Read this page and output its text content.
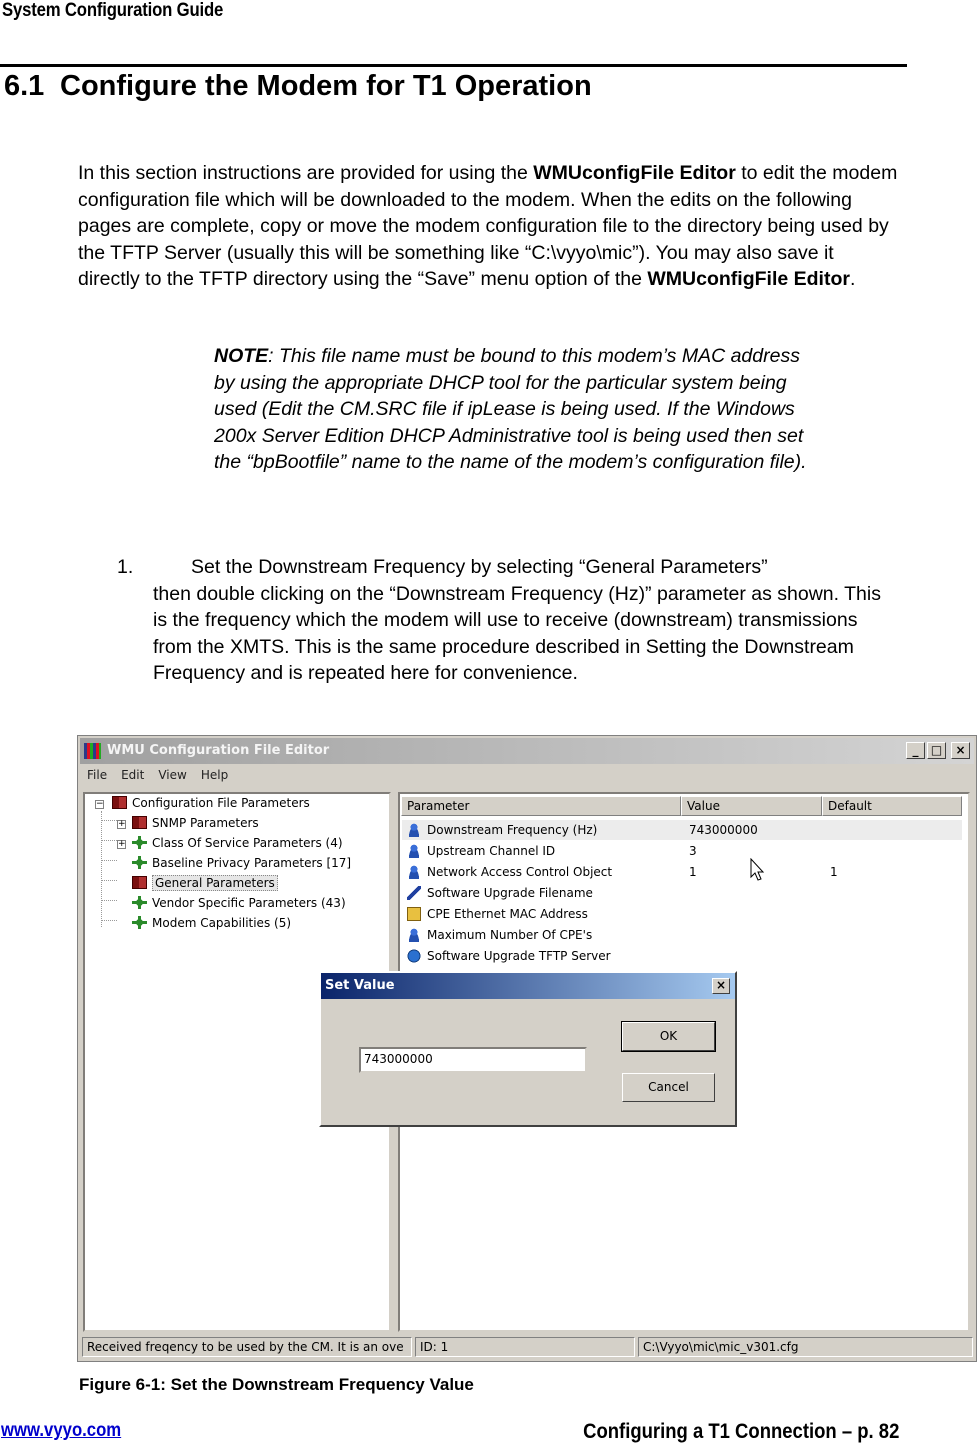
System Configuration Guide
6.1 Configure the Modem for T1 Operation
In this section instructions are provided for using the WMUconfigFile Editor to edit the modem configuration file which will be downloaded to the modem. When the edits on the following pages are complete, copy or move the modem configuration file to the directory being used by the TFTP Server (usually this will be something like “C:\vyyo\mic”). You may also save it directly to the TFTP directory using the “Save” menu option of the WMUconfigFile Editor.
NOTE: This file name must be bound to this modem’s MAC address by using the appropriate DHCP tool for the particular system being used (Edit the CM.SRC file if ipLease is being used. If the Windows 200x Server Edition DHCP Administrative tool is being used then set the “bpBootfile” name to the name of the modem’s configuration file).
1.	Set the Downstream Frequency by selecting “General Parameters”
then double clicking on the “Downstream Frequency (Hz)” parameter as shown. This is the frequency which the modem will use to receive (downstream) transmissions from the XMTS. This is the same procedure described in Setting the Downstream Frequency and is repeated here for convenience.
WMU Configuration File Editor	_	□	×
File Edit View Help
−	Configuration File Parameters
+	SNMP Parameters
+	Class Of Service Parameters (4)
Baseline Privacy Parameters [17]
General Parameters
Vendor Specific Parameters (43)
Modem Capabilities (5)
Parameter	Value	Default
Downstream Frequency (Hz)	743000000
Upstream Channel ID	3
Network Access Control Object	1	1
Software Upgrade Filename
CPE Ethernet MAC Address
Maximum Number Of CPE's
Software Upgrade TFTP Server
Set Value	×
743000000
OK
Cancel
Received freqency to be used by the CM. It is an ove	ID: 1	C:\Vyyo\mic\mic_v301.cfg
Figure 6-1: Set the Downstream Frequency Value
www.vyyo.com	Configuring a T1 Connection – p. 82
